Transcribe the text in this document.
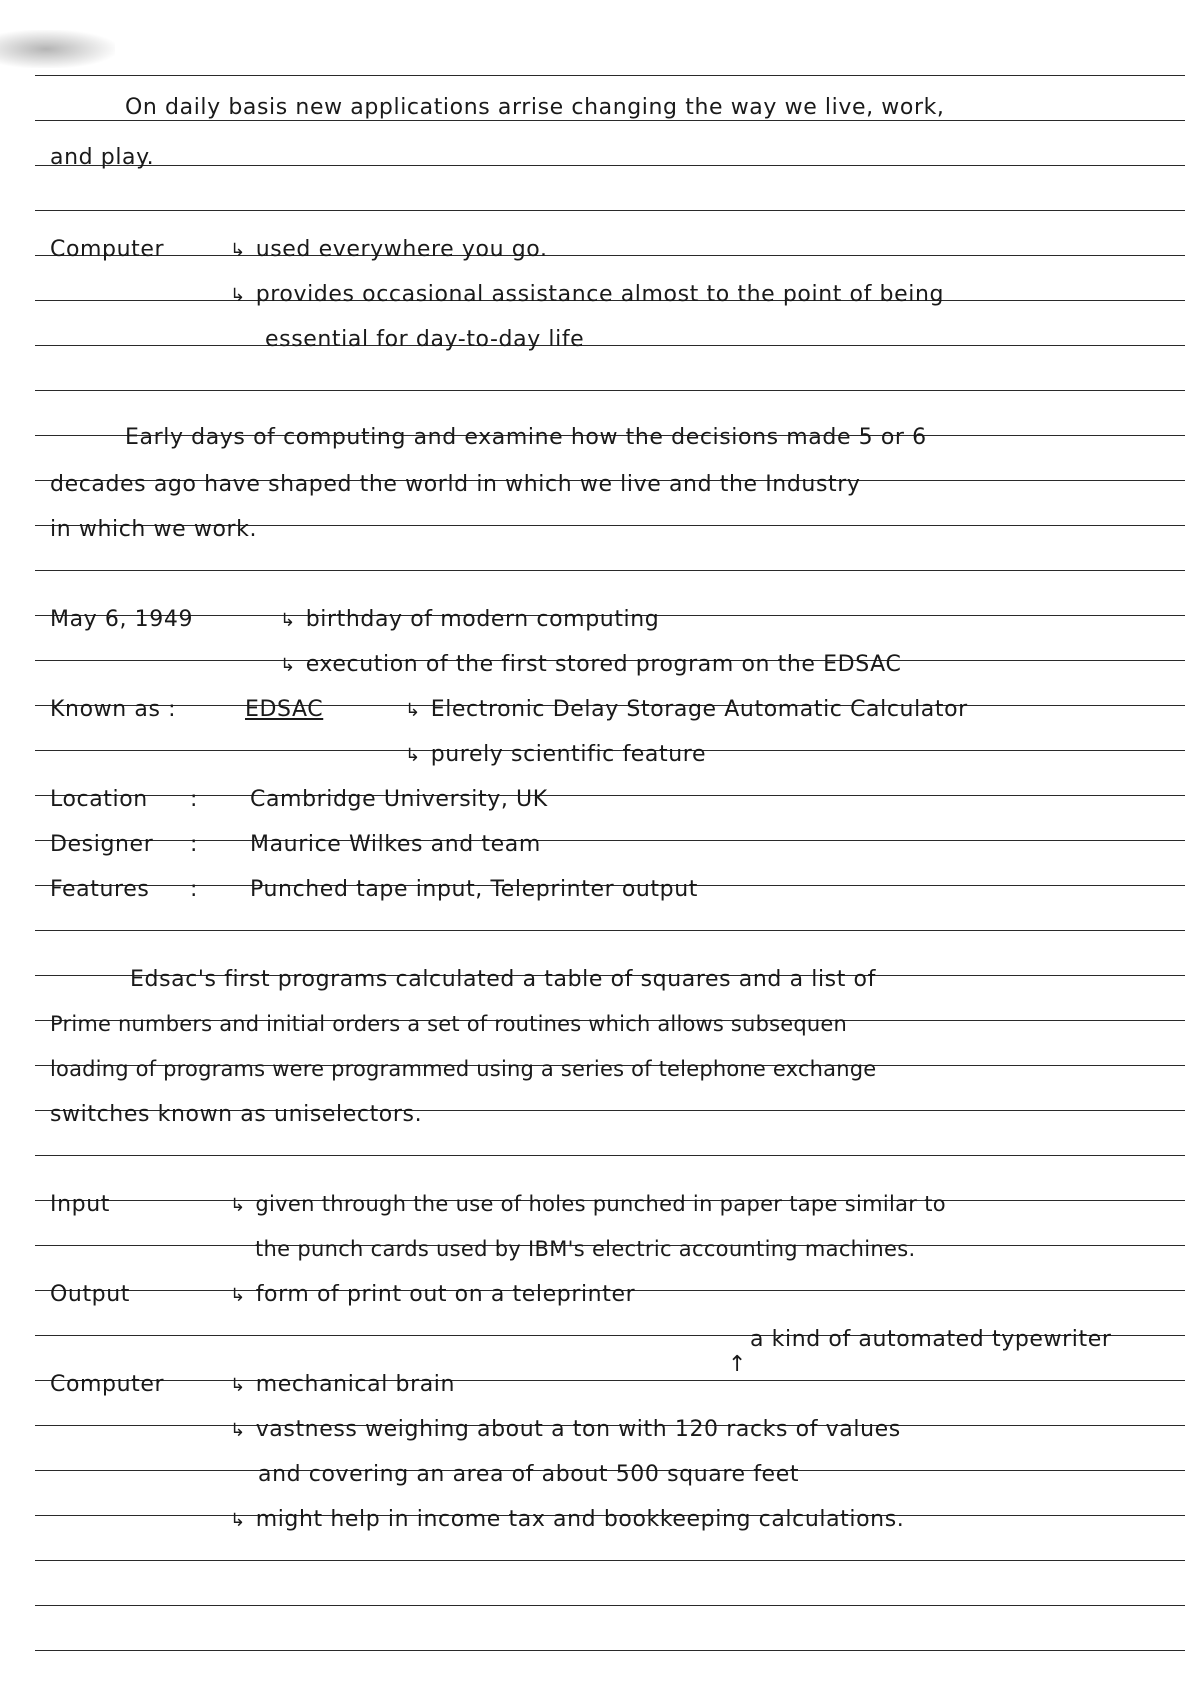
On daily basis new applications arrise changing the way we live, work,
and play.
Computer	↳ used everywhere you go.
↳ provides occasional assistance almost to the point of being
essential for day-to-day life
Early days of computing and examine how the decisions made 5 or 6
decades ago have shaped the world in which we live and the Industry
in which we work.
May 6, 1949	↳ birthday of modern computing
↳ execution of the first stored program on the EDSAC
Known as :	EDSAC	↳ Electronic Delay Storage Automatic Calculator
↳ purely scientific feature
Location : Cambridge University, UK
Designer : Maurice Wilkes and team
Features : Punched tape input, Teleprinter output
Edsac's first programs calculated a table of squares and a list of
Prime numbers and initial orders a set of routines which allows subsequen
loading of programs were programmed using a series of telephone exchange
switches known as uniselectors.
Input	↳ given through the use of holes punched in paper tape similar to
the punch cards used by IBM's electric accounting machines.
Output	↳ form of print out on a teleprinter
↑
a kind of automated typewriter
Computer	↳ mechanical brain
↳ vastness weighing about a ton with 120 racks of values
and covering an area of about 500 square feet
↳ might help in income tax and bookkeeping calculations.
